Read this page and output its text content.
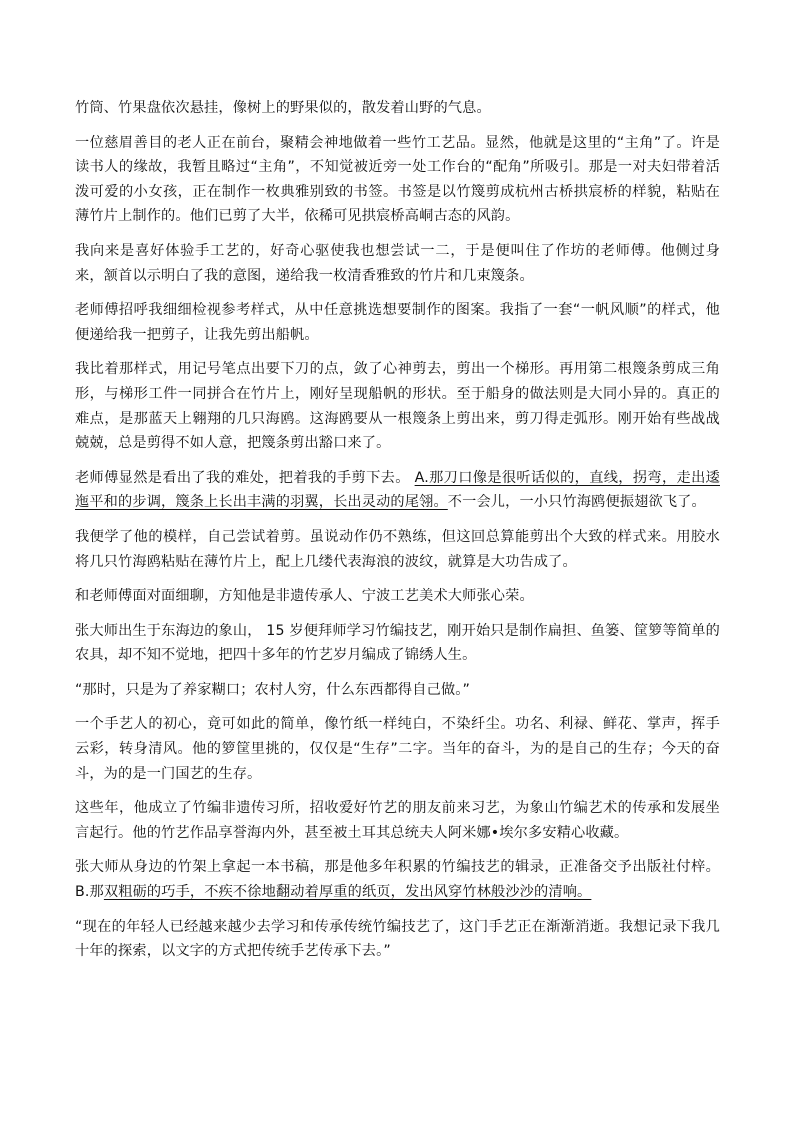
竹筒、竹果盘依次悬挂，像树上的野果似的，散发着山野的气息。

一位慈眉善目的老人正在前台，聚精会神地做着一些竹工艺品。显然，他就是这里的“主角”了。许是读书人的缘故，我暂且略过“主角”，不知觉被近旁一处工作台的“配角”所吸引。那是一对夫妇带着活泼可爱的小女孩，正在制作一枚典雅别致的书签。书签是以竹篾剪成杭州古桥拱宸桥的样貌，粘贴在薄竹片上制作的。他们已剪了大半，依稀可见拱宸桥高峒古态的风韵。

我向来是喜好体验手工艺的，好奇心驱使我也想尝试一二，于是便叫住了作坊的老师傅。他侧过身来，颔首以示明白了我的意图，递给我一枚清香雅致的竹片和几束篾条。

老师傅招呼我细细检视参考样式，从中任意挑选想要制作的图案。我指了一套“一帆风顺”的样式，他便递给我一把剪子，让我先剪出船帆。

我比着那样式，用记号笔点出要下刀的点，敛了心神剪去，剪出一个梯形。再用第二根篾条剪成三角形，与梯形工件一同拼合在竹片上，刚好呈现船帆的形状。至于船身的做法则是大同小异的。真正的难点，是那蓝天上翱翔的几只海鸥。这海鸥要从一根篾条上剪出来，剪刀得走弧形。刚开始有些战战兢兢，总是剪得不如人意，把篾条剪出豁口来了。

老师傅显然是看出了我的难处，把着我的手剪下去。 A.那刀口像是很听话似的，直线，拐弯，走出逶迤平和的步调，篾条上长出丰满的羽翼，长出灵动的尾翎。不一会儿，一小只竹海鸥便振翅欲飞了。

我便学了他的模样，自己尝试着剪。虽说动作仍不熟练，但这回总算能剪出个大致的样式来。用胶水将几只竹海鸥粘贴在薄竹片上，配上几缕代表海浪的波纹，就算是大功告成了。

和老师傅面对面细聊，方知他是非遗传承人、宁波工艺美术大师张心荣。

张大师出生于东海边的象山， 15 岁便拜师学习竹编技艺，刚开始只是制作扁担、鱼篓、筐箩等简单的农具，却不知不觉地，把四十多年的竹艺岁月编成了锦绣人生。

“那时，只是为了养家糊口；农村人穷，什么东西都得自己做。”

一个手艺人的初心，竟可如此的简单，像竹纸一样纯白，不染纤尘。功名、利禄、鲜花、掌声，挥手云彩，转身清风。他的箩筐里挑的，仅仅是“生存”二字。当年的奋斗，为的是自己的生存；今天的奋斗，为的是一门国艺的生存。

这些年，他成立了竹编非遗传习所，招收爱好竹艺的朋友前来习艺，为象山竹编艺术的传承和发展坐言起行。他的竹艺作品享誉海内外，甚至被土耳其总统夫人阿米娜•埃尔多安精心收藏。

张大师从身边的竹架上拿起一本书稿，那是他多年积累的竹编技艺的辑录，正准备交予出版社付梓。 B.那双粗砺的巧手，不疾不徐地翻动着厚重的纸页，发出风穿竹林般沙沙的清响。

“现在的年轻人已经越来越少去学习和传承传统竹编技艺了，这门手艺正在渐渐消逝。我想记录下我几十年的探索，以文字的方式把传统手艺传承下去。”
